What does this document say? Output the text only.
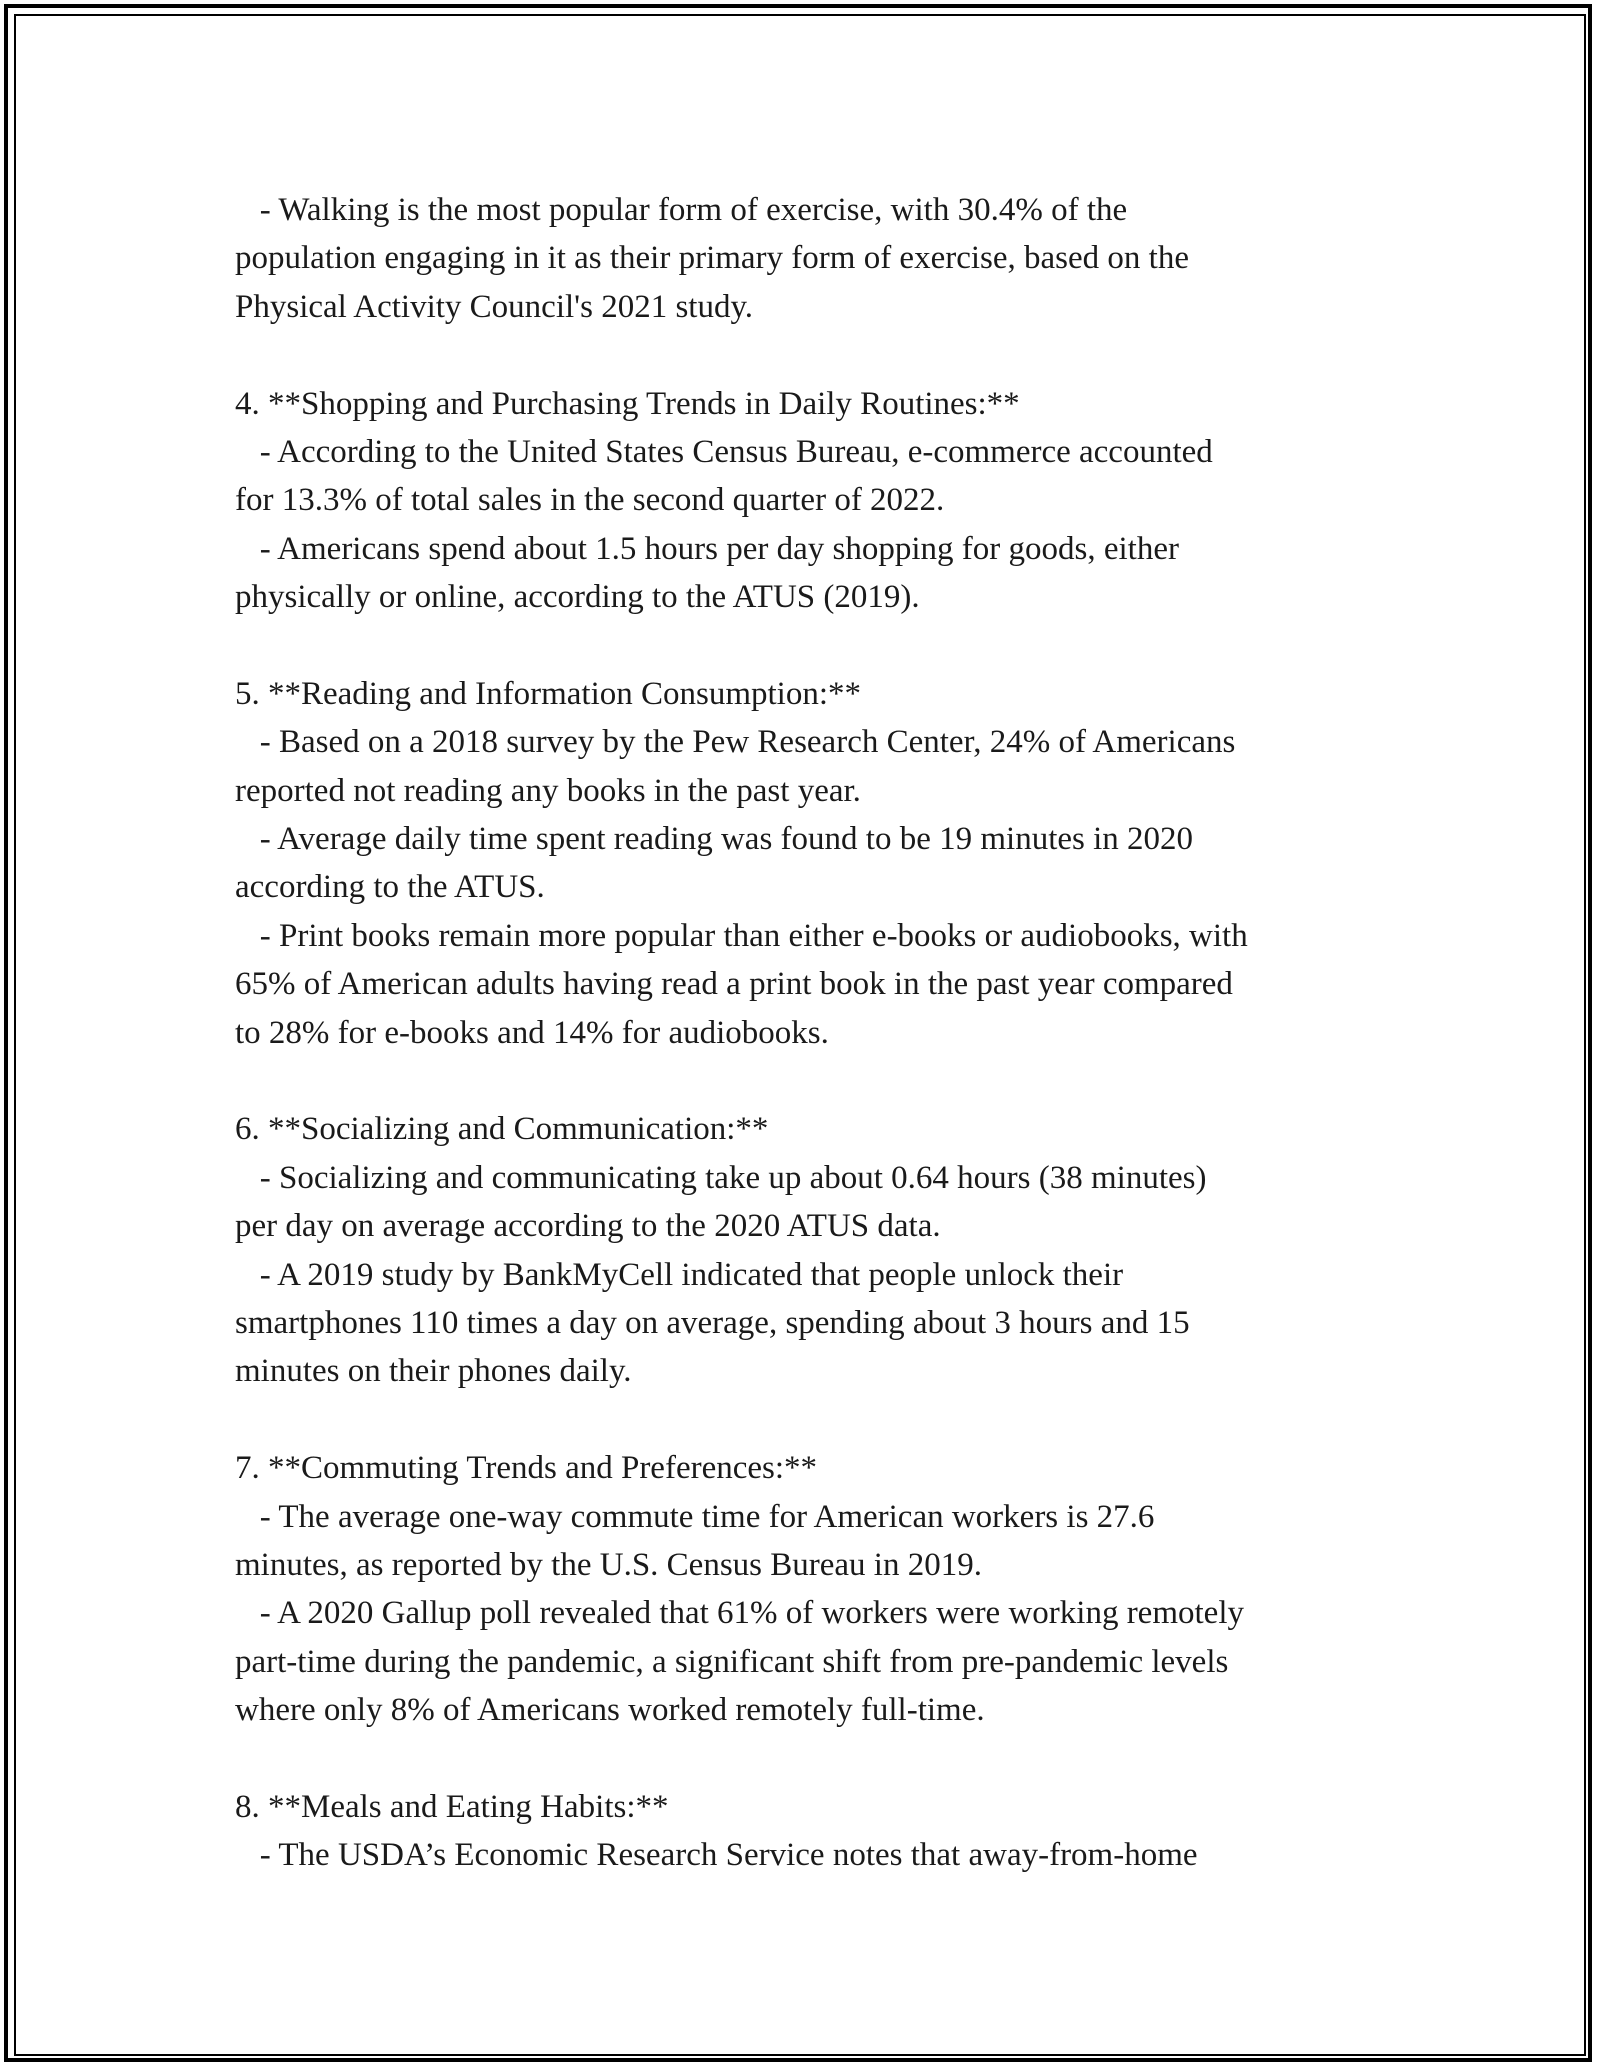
- Walking is the most popular form of exercise, with 30.4% of the
population engaging in it as their primary form of exercise, based on the
Physical Activity Council's 2021 study.
4. **Shopping and Purchasing Trends in Daily Routines:**
- According to the United States Census Bureau, e-commerce accounted
for 13.3% of total sales in the second quarter of 2022.
- Americans spend about 1.5 hours per day shopping for goods, either
physically or online, according to the ATUS (2019).
5. **Reading and Information Consumption:**
- Based on a 2018 survey by the Pew Research Center, 24% of Americans
reported not reading any books in the past year.
- Average daily time spent reading was found to be 19 minutes in 2020
according to the ATUS.
- Print books remain more popular than either e-books or audiobooks, with
65% of American adults having read a print book in the past year compared
to 28% for e-books and 14% for audiobooks.
6. **Socializing and Communication:**
- Socializing and communicating take up about 0.64 hours (38 minutes)
per day on average according to the 2020 ATUS data.
- A 2019 study by BankMyCell indicated that people unlock their
smartphones 110 times a day on average, spending about 3 hours and 15
minutes on their phones daily.
7. **Commuting Trends and Preferences:**
- The average one-way commute time for American workers is 27.6
minutes, as reported by the U.S. Census Bureau in 2019.
- A 2020 Gallup poll revealed that 61% of workers were working remotely
part-time during the pandemic, a significant shift from pre-pandemic levels
where only 8% of Americans worked remotely full-time.
8. **Meals and Eating Habits:**
- The USDA’s Economic Research Service notes that away-from-home
